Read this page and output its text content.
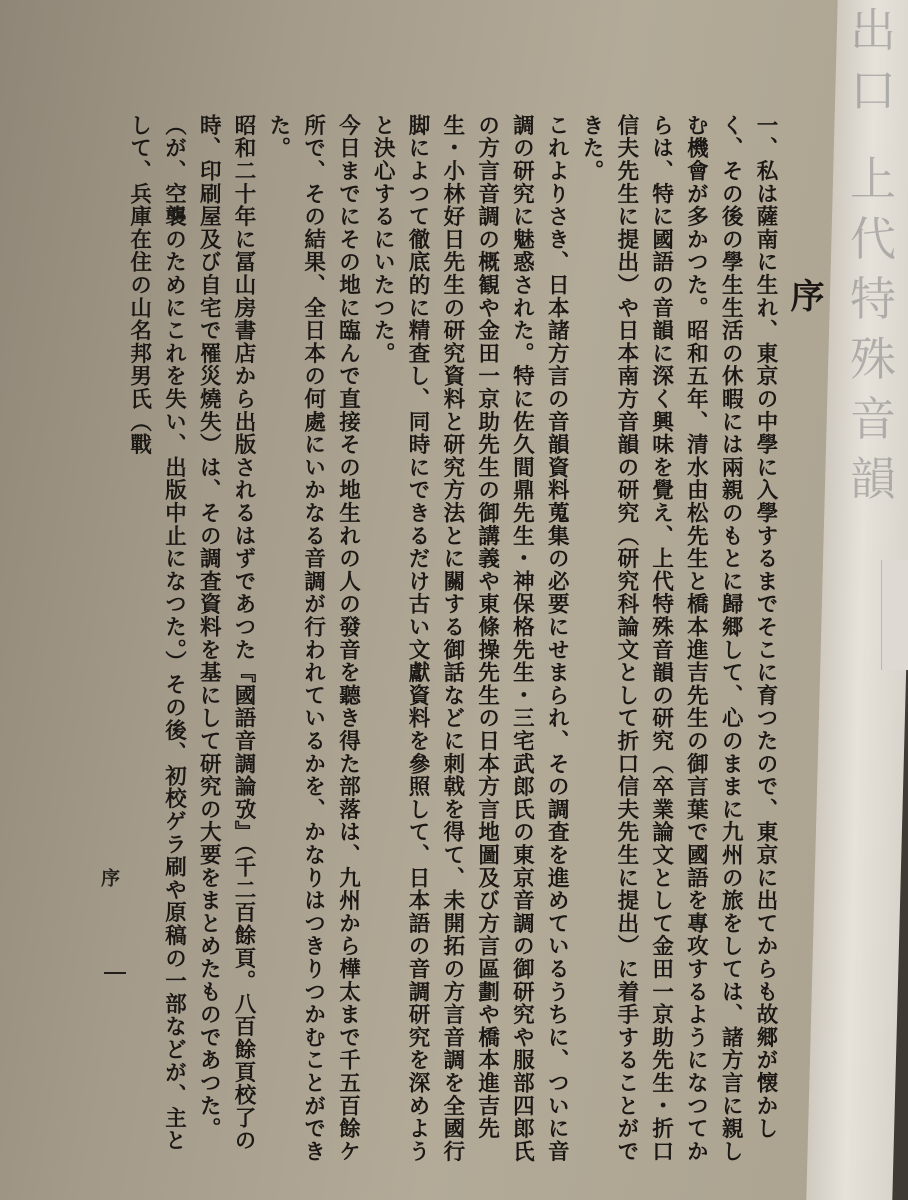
出口 上代特殊音韻
序

一、私は薩南に生れ、東京の中學に入學するまでそこに育つたので、東京に出てからも故郷が懐かしく、その後の學生生活の休暇には兩親のもとに歸郷して、心のままに九州の旅をしては、諸方言に親しむ機會が多かつた。昭和五年、清水由松先生と橋本進吉先生の御言葉で國語を專攻するようになつてからは、特に國語の音韻に深く興味を覺え、上代特殊音韻の研究（卒業論文として金田一京助先生・折口信夫先生に提出）や日本南方音韻の研究（研究科論文として折口信夫先生に提出）に着手することができた。

これよりさき、日本諸方言の音韻資料蒐集の必要にせまられ、その調査を進めているうちに、ついに音調の研究に魅惑された。特に佐久間鼎先生・神保格先生・三宅武郎氏の東京音調の御研究や服部四郎氏の方言音調の概観や金田一京助先生の御講義や東條操先生の日本方言地圖及び方言區劃や橋本進吉先生・小林好日先生の研究資料と研究方法とに關する御話などに刺戟を得て、未開拓の方言音調を全國行脚によつて徹底的に精査し、同時にできるだけ古い文獻資料を參照して、日本語の音調研究を深めようと決心するにいたつた。

今日までにその地に臨んで直接その地生れの人の發音を聽き得た部落は、九州から樺太まで千五百餘ケ所で、その結果、全日本の何處にいかなる音調が行われているかを、かなりはつきりつかむことができた。

昭和二十年に冨山房書店から出版されるはずであつた『國語音調論攷』（千二百餘頁。八百餘頁校了の時、印刷屋及び自宅で罹災燒失）は、その調査資料を基にして研究の大要をまとめたものであつた。（が、空襲のためにこれを失い、出版中止になつた。）その後、初校ゲラ刷や原稿の一部などが、主として、兵庫在住の山名邦男氏（戰

序
